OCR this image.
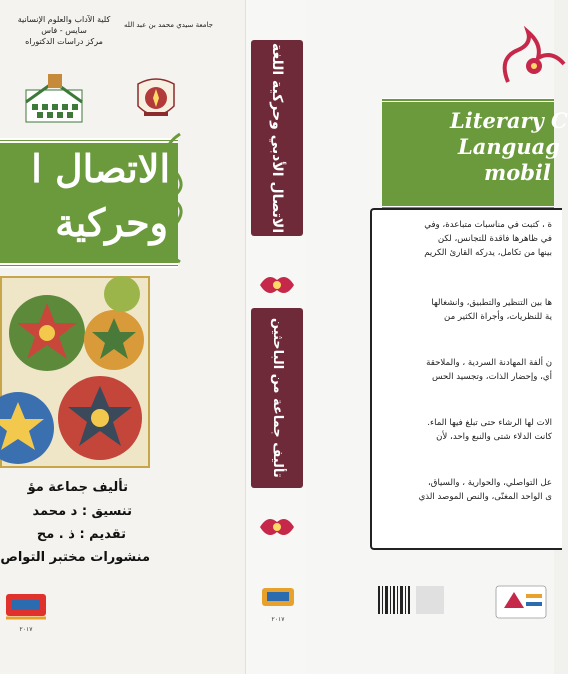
كلية الآداب والعلوم الإنسانية
سايس - فاس
مركز دراسات الدكتوراه
جامعة سيدي محمد بن عبد الله
الاتصال ا
وحركية
تأليف جماعة مؤ
تنسيق : د محمد
تقديم : ذ . مح
منشورات مختبر التواص
٢٠١٧
الاتصال الأدبي وحركية اللغة
تأليف جماعة من الباحثين
٢٠١٧
Literary C
Languag
mobil
ة ، كتبت في مناسبات متباعدة، وفي
في ظاهرها فاقدة للتجانس، لكن
بينها من تكامل، يدركه القارئ الكريم
ها بين التنظير والتطبيق، وانشغالها
ية للنظريات، وأجراة الكثير من
ن ألفة المهادنة السردية ، والملاحقة
أي، وإحضار الذات، وتجسيد الحس
الات لها الرشاء حتى تبلغ فيها الماء.
كانت الدلاء شتى والنبع واحد، لأن
عل التواصلي، والحوارية ، والسياق،
ى الواحد المغنّى، والنص الموصد الذي
